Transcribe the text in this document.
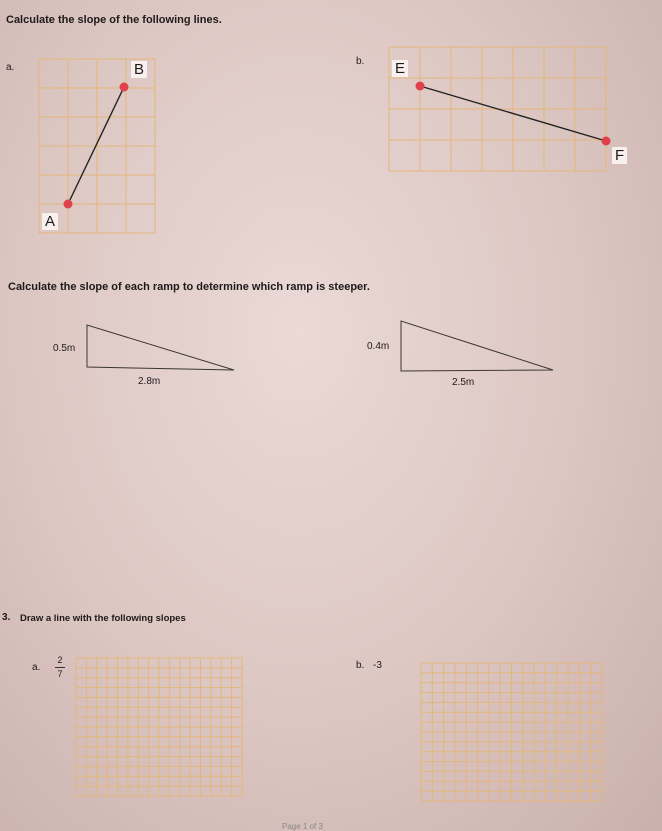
Calculate the slope of the following lines.
a.
b.
A
B	E
F
Calculate the slope of each ramp to determine which ramp is steeper.
0.5m
2.8m
0.4m
2.5m
3. Draw a line with the following slopes
a.
2
7
b. -3
Page 1 of 3
